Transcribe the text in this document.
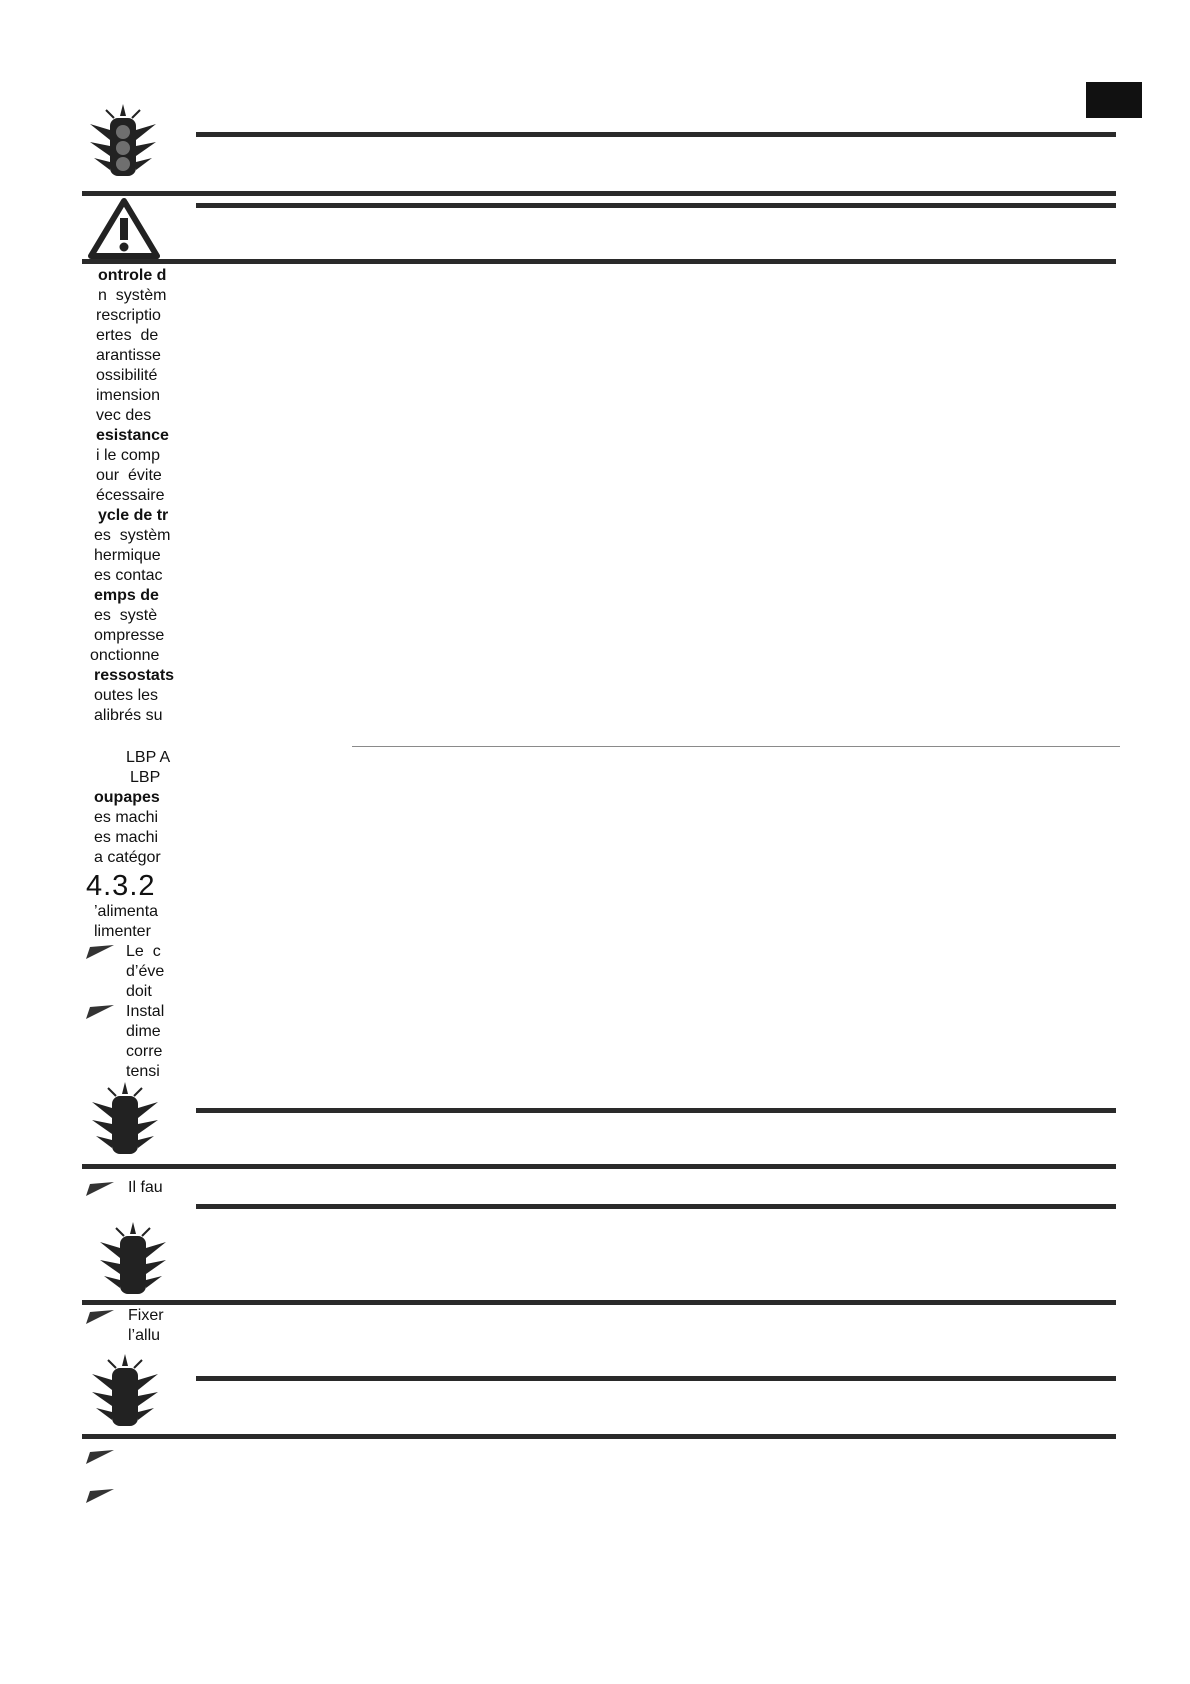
ontrole d
n  systèm
rescriptio
ertes  de
arantisse
ossibilité
imension
vec des
esistance
i le comp
our  évite
écessaire
ycle de tr
es  systèm
hermique
es contac
emps de
es  systè
ompresse
onctionne
ressostats
outes les
alibrés su
LBP A
LBP
oupapes
es machi
es machi
a catégor
4.3.2
’alimenta
limenter
Le  c
d’éve
doit
Instal
dime
corre
tensi
Il fau
Fixer
l’allu
